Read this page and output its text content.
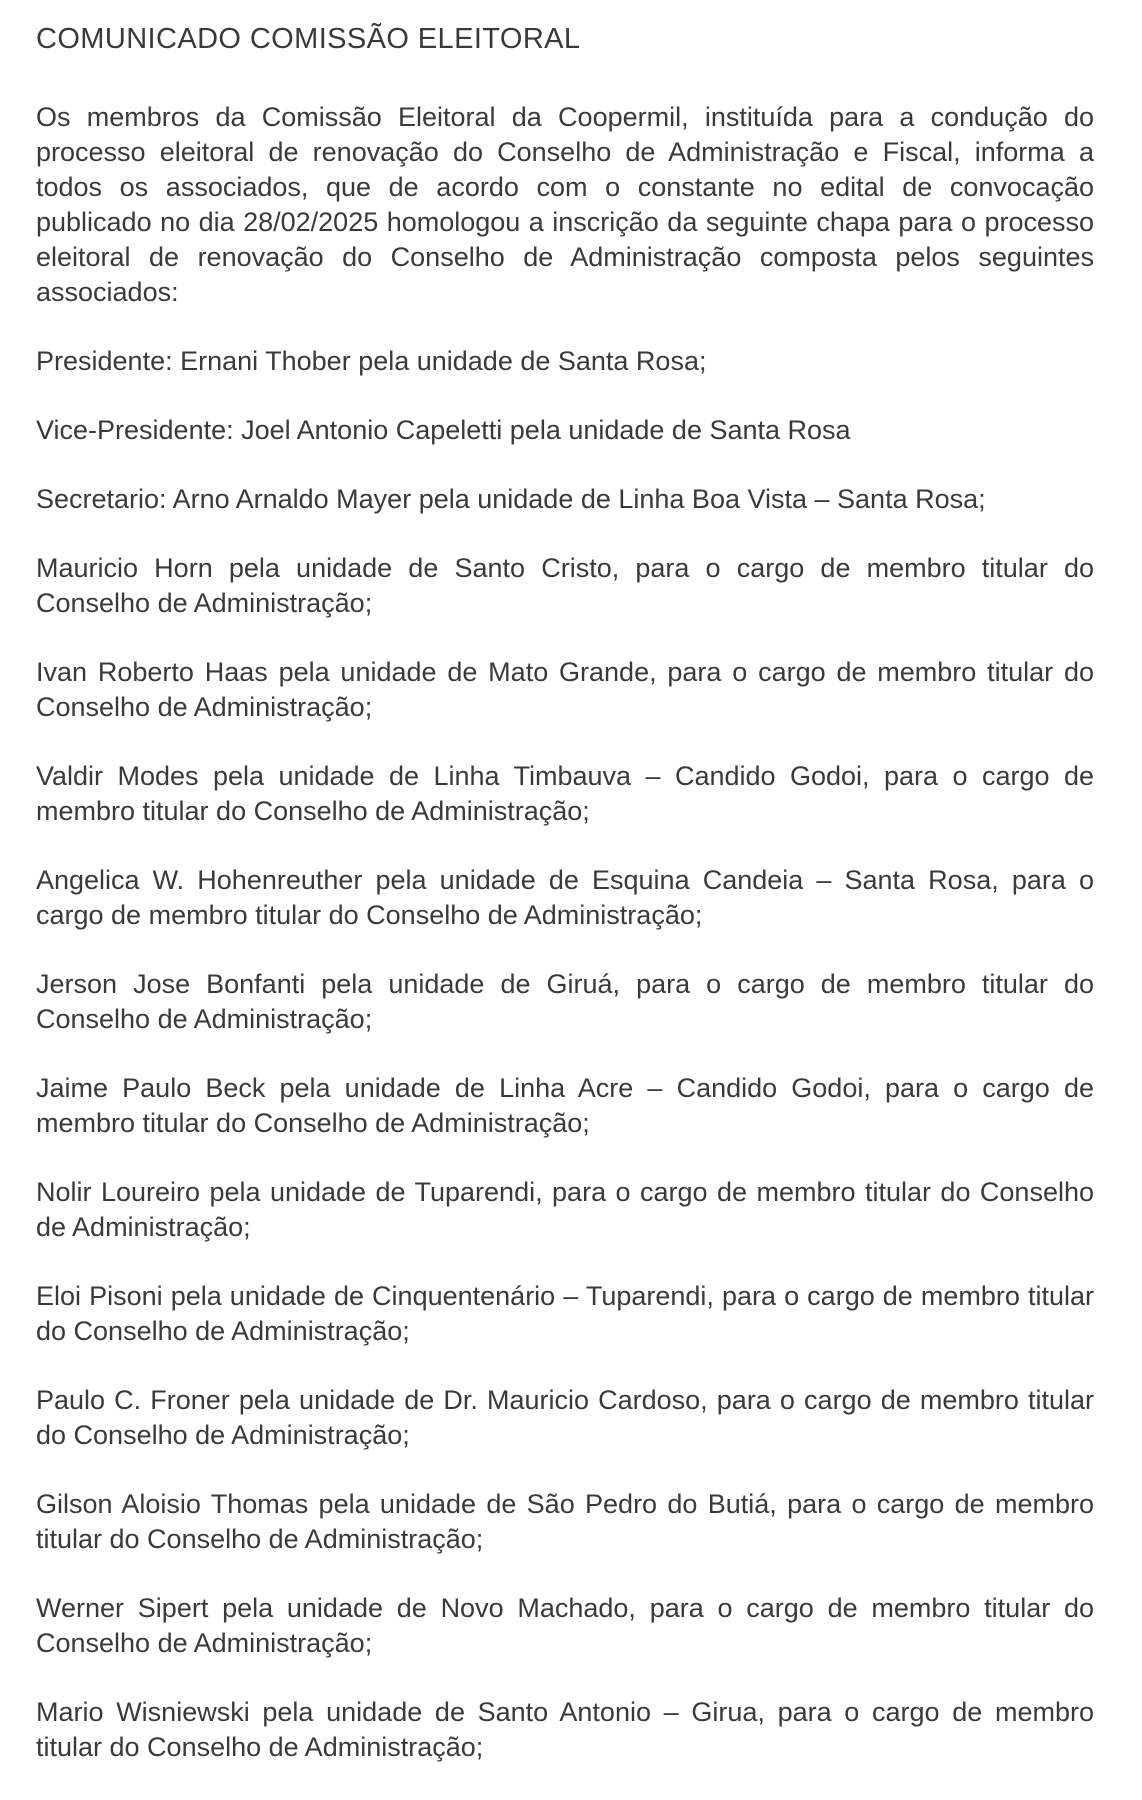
COMUNICADO COMISSÃO ELEITORAL

Os membros da Comissão Eleitoral da Coopermil, instituída para a condução do processo eleitoral de renovação do Conselho de Administração e Fiscal, informa a todos os associados, que de acordo com o constante no edital de convocação publicado no dia 28/02/2025 homologou a inscrição da seguinte chapa para o processo eleitoral de renovação do Conselho de Administração composta pelos seguintes associados:

Presidente: Ernani Thober pela unidade de Santa Rosa;

Vice-Presidente: Joel Antonio Capeletti pela unidade de Santa Rosa

Secretario: Arno Arnaldo Mayer pela unidade de Linha Boa Vista – Santa Rosa;

Mauricio Horn pela unidade de Santo Cristo, para o cargo de membro titular do Conselho de Administração;

Ivan Roberto Haas pela unidade de Mato Grande, para o cargo de membro titular do Conselho de Administração;

Valdir Modes pela unidade de Linha Timbauva – Candido Godoi, para o cargo de membro titular do Conselho de Administração;

Angelica W. Hohenreuther pela unidade de Esquina Candeia – Santa Rosa, para o cargo de membro titular do Conselho de Administração;

Jerson Jose Bonfanti pela unidade de Giruá, para o cargo de membro titular do Conselho de Administração;

Jaime Paulo Beck pela unidade de Linha Acre – Candido Godoi, para o cargo de membro titular do Conselho de Administração;

Nolir Loureiro pela unidade de Tuparendi, para o cargo de membro titular do Conselho de Administração;

Eloi Pisoni pela unidade de Cinquentenário – Tuparendi, para o cargo de membro titular do Conselho de Administração;

Paulo C. Froner pela unidade de Dr. Mauricio Cardoso, para o cargo de membro titular do Conselho de Administração;

Gilson Aloisio Thomas pela unidade de São Pedro do Butiá, para o cargo de membro titular do Conselho de Administração;

Werner Sipert pela unidade de Novo Machado, para o cargo de membro titular do Conselho de Administração;

Mario Wisniewski pela unidade de Santo Antonio – Girua, para o cargo de membro titular do Conselho de Administração;
